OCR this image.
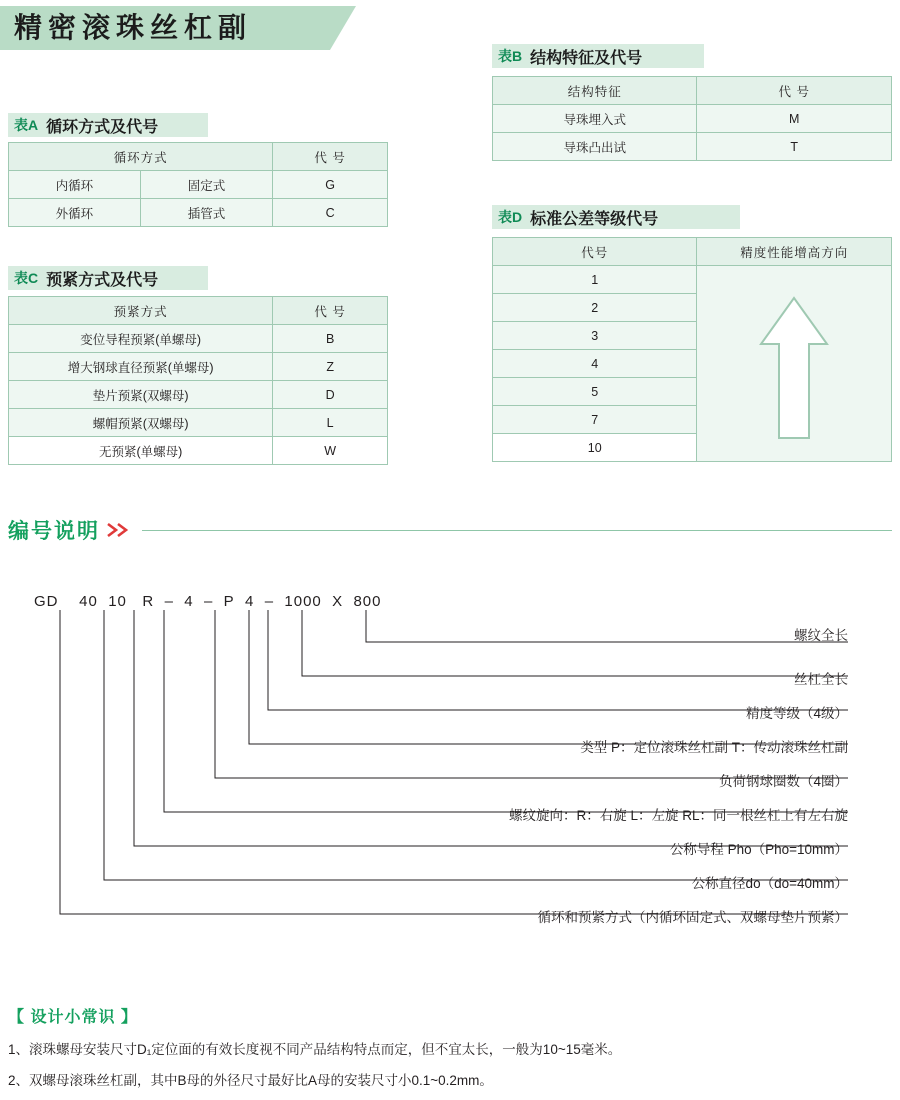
精密滚珠丝杠副
表A 循环方式及代号
循环方式		代 号
内循环	固定式	G
外循环	插管式	C
表C 预紧方式及代号
预紧方式	代 号
变位导程预紧(单螺母)	B
增大钢球直径预紧(单螺母)	Z
垫片预紧(双螺母)	D
螺帽预紧(双螺母)	L
无预紧(单螺母)	W
表B 结构特征及代号
结构特征	代 号
导珠埋入式	M
导珠凸出试	T
表D 标准公差等级代号
代号	精度性能增高方向
1	

2	
3	
4	
5	
7	
10	
编号说明
GD 40 10 R – 4 – P 4 – 1000 X 800
螺纹全长
丝杠全长
精度等级（4级）
类型 P：定位滚珠丝杠副 T：传动滚珠丝杠副
负荷钢球圈数（4圈）
螺纹旋向：R：右旋 L：左旋 RL：同一根丝杠上有左右旋
公称导程 Pho（Pho=10mm）
公称直径do（do=40mm）
循环和预紧方式（内循环固定式、双螺母垫片预紧）
【 设计小常识 】
1、滚珠螺母安装尺寸D₁定位面的有效长度视不同产品结构特点而定，但不宜太长，一般为10~15毫米。
2、双螺母滚珠丝杠副，其中B母的外径尺寸最好比A母的安装尺寸小0.1~0.2mm。
